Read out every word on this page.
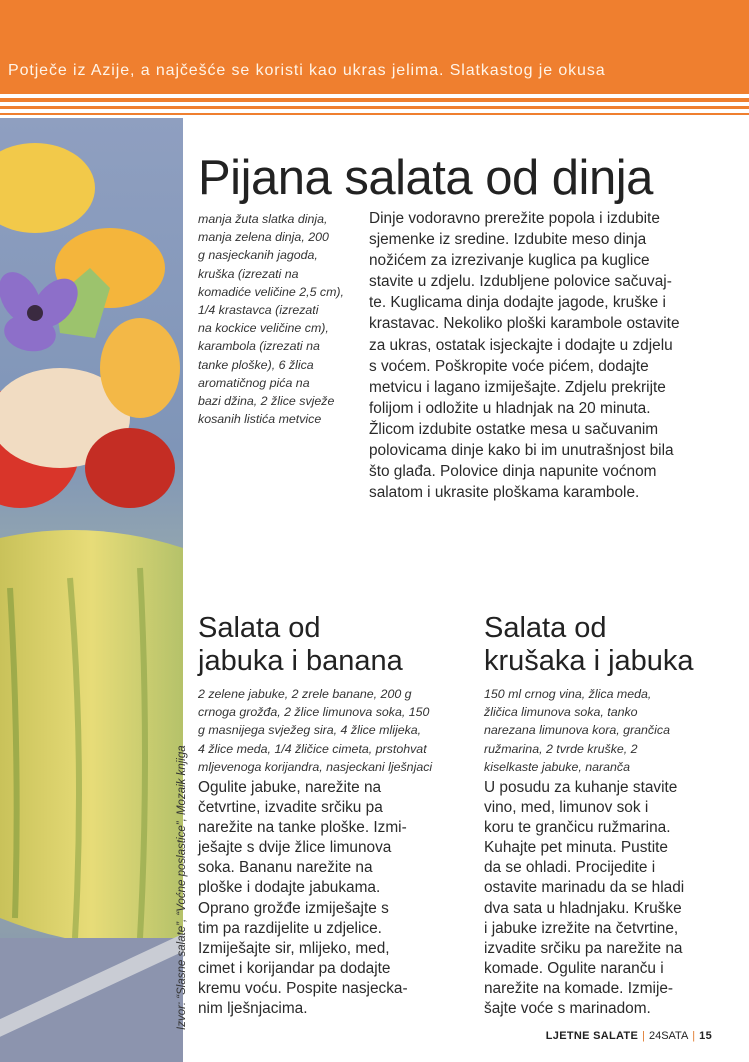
Potječe iz Azije, a najčešće se koristi kao ukras jelima. Slatkastog je okusa
Izvor: “Slasne salate”, “Voćne poslastice”, Mozaik knjiga
Pijana salata od dinja
manja žuta slatka dinja,
manja zelena dinja, 200
g nasjeckanih jagoda,
kruška (izrezati na
komadiće veličine 2,5 cm),
1/4 krastavca (izrezati
na kockice veličine cm),
karambola (izrezati na
tanke ploške), 6 žlica
aromatičnog pića na
bazi džina, 2 žlice svježe
kosanih listića metvice
Dinje vodoravno prerežite popola i izdubite
sjemenke iz sredine. Izdubite meso dinja
nožićem za izrezivanje kuglica pa kuglice
stavite u zdjelu. Izdubljene polovice sačuvaj-
te. Kuglicama dinja dodajte jagode, kruške i
krastavac. Nekoliko ploški karambole ostavite
za ukras, ostatak isjeckajte i dodajte u zdjelu
s voćem. Poškropite voće pićem, dodajte
metvicu i lagano izmiješajte. Zdjelu prekrijte
folijom i odložite u hladnjak na 20 minuta.
Žlicom izdubite ostatke mesa u sačuvanim
polovicama dinje kako bi im unutrašnjost bila
što glađa. Polovice dinja napunite voćnom
salatom i ukrasite ploškama karambole.
Salata od
jabuka i banana
2 zelene jabuke, 2 zrele banane, 200 g
crnoga grožđa, 2 žlice limunova soka, 150
g masnijega svježeg sira, 4 žlice mlijeka,
4 žlice meda, 1/4 žličice cimeta, prstohvat
mljevenoga korijandra, nasjeckani lješnjaci
Ogulite jabuke, narežite na
četvrtine, izvadite srčiku pa
narežite na tanke ploške. Izmi-
ješajte s dvije žlice limunova
soka. Bananu narežite na
ploške i dodajte jabukama.
Oprano grožđe izmiješajte s
tim pa razdijelite u zdjelice.
Izmiješajte sir, mlijeko, med,
cimet i korijandar pa dodajte
kremu voću. Pospite nasjecka-
nim lješnjacima.
Salata od
krušaka i jabuka
150 ml crnog vina, žlica meda,
žličica limunova soka, tanko
narezana limunova kora, grančica
ružmarina, 2 tvrde kruške, 2
kiselkaste jabuke, naranča
U posudu za kuhanje stavite
vino, med, limunov sok i
koru te grančicu ružmarina.
Kuhajte pet minuta. Pustite
da se ohladi. Procijedite i
ostavite marinadu da se hladi
dva sata u hladnjaku. Kruške
i jabuke izrežite na četvrtine,
izvadite srčiku pa narežite na
komade. Ogulite naranču i
narežite na komade. Izmije-
šajte voće s marinadom.
LJETNE SALATE | 24SATA | 15
